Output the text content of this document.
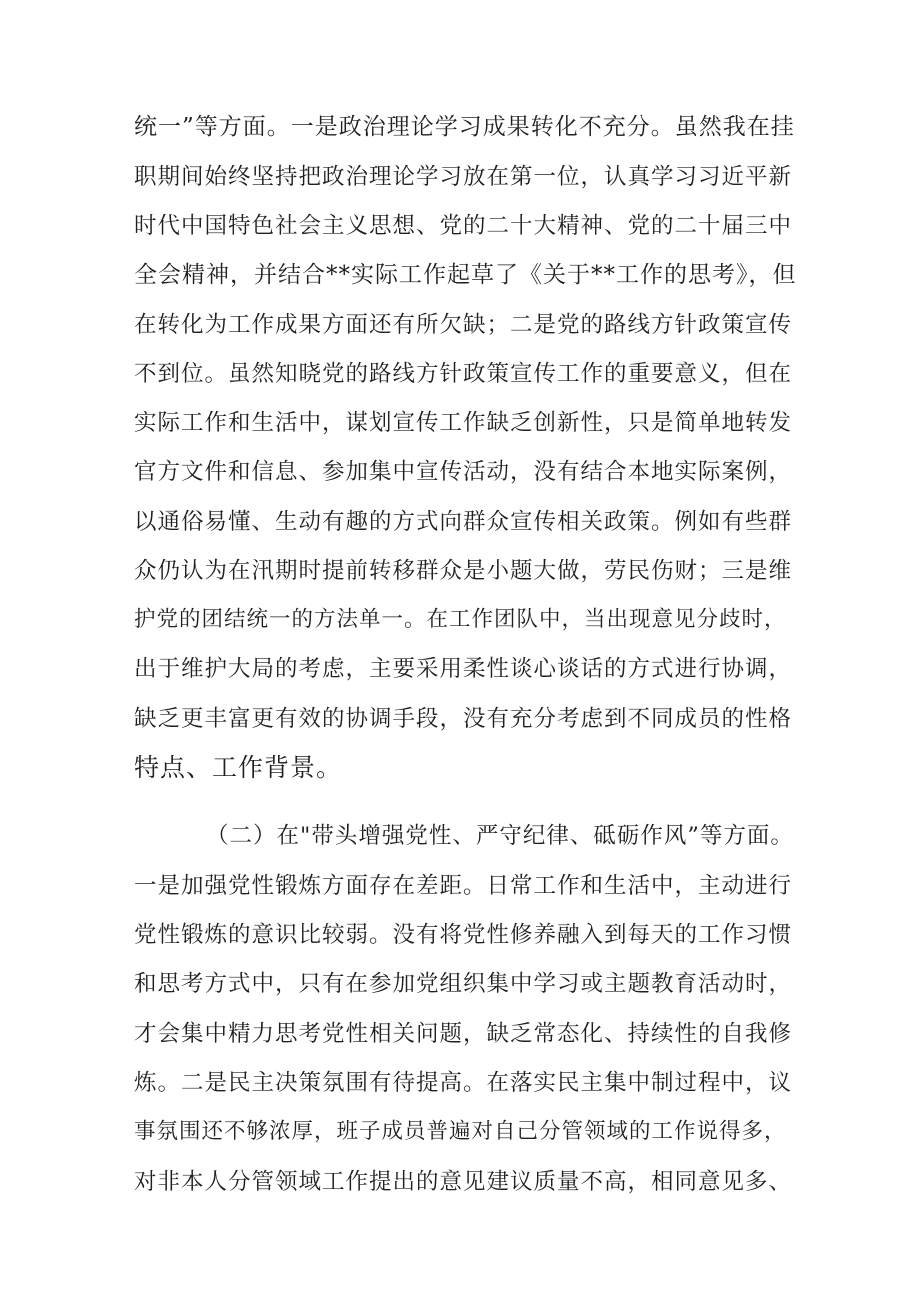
统一”等方面。一是政治理论学习成果转化不充分。虽然我在挂
职期间始终坚持把政治理论学习放在第一位，认真学习习近平新
时代中国特色社会主义思想、党的二十大精神、党的二十届三中
全会精神，并结合**实际工作起草了《关于**工作的思考》，但
在转化为工作成果方面还有所欠缺；二是党的路线方针政策宣传
不到位。虽然知晓党的路线方针政策宣传工作的重要意义，但在
实际工作和生活中，谋划宣传工作缺乏创新性，只是简单地转发
官方文件和信息、参加集中宣传活动，没有结合本地实际案例，
以通俗易懂、生动有趣的方式向群众宣传相关政策。例如有些群
众仍认为在汛期时提前转移群众是小题大做，劳民伤财；三是维
护党的团结统一的方法单一。在工作团队中，当出现意见分歧时，
出于维护大局的考虑，主要采用柔性谈心谈话的方式进行协调，
缺乏更丰富更有效的协调手段，没有充分考虑到不同成员的性格
特点、工作背景。
（二）在"带头增强党性、严守纪律、砥砺作风”等方面。
一是加强党性锻炼方面存在差距。日常工作和生活中，主动进行
党性锻炼的意识比较弱。没有将党性修养融入到每天的工作习惯
和思考方式中，只有在参加党组织集中学习或主题教育活动时，
才会集中精力思考党性相关问题，缺乏常态化、持续性的自我修
炼。二是民主决策氛围有待提高。在落实民主集中制过程中，议
事氛围还不够浓厚，班子成员普遍对自己分管领域的工作说得多，
对非本人分管领域工作提出的意见建议质量不高，相同意见多、
